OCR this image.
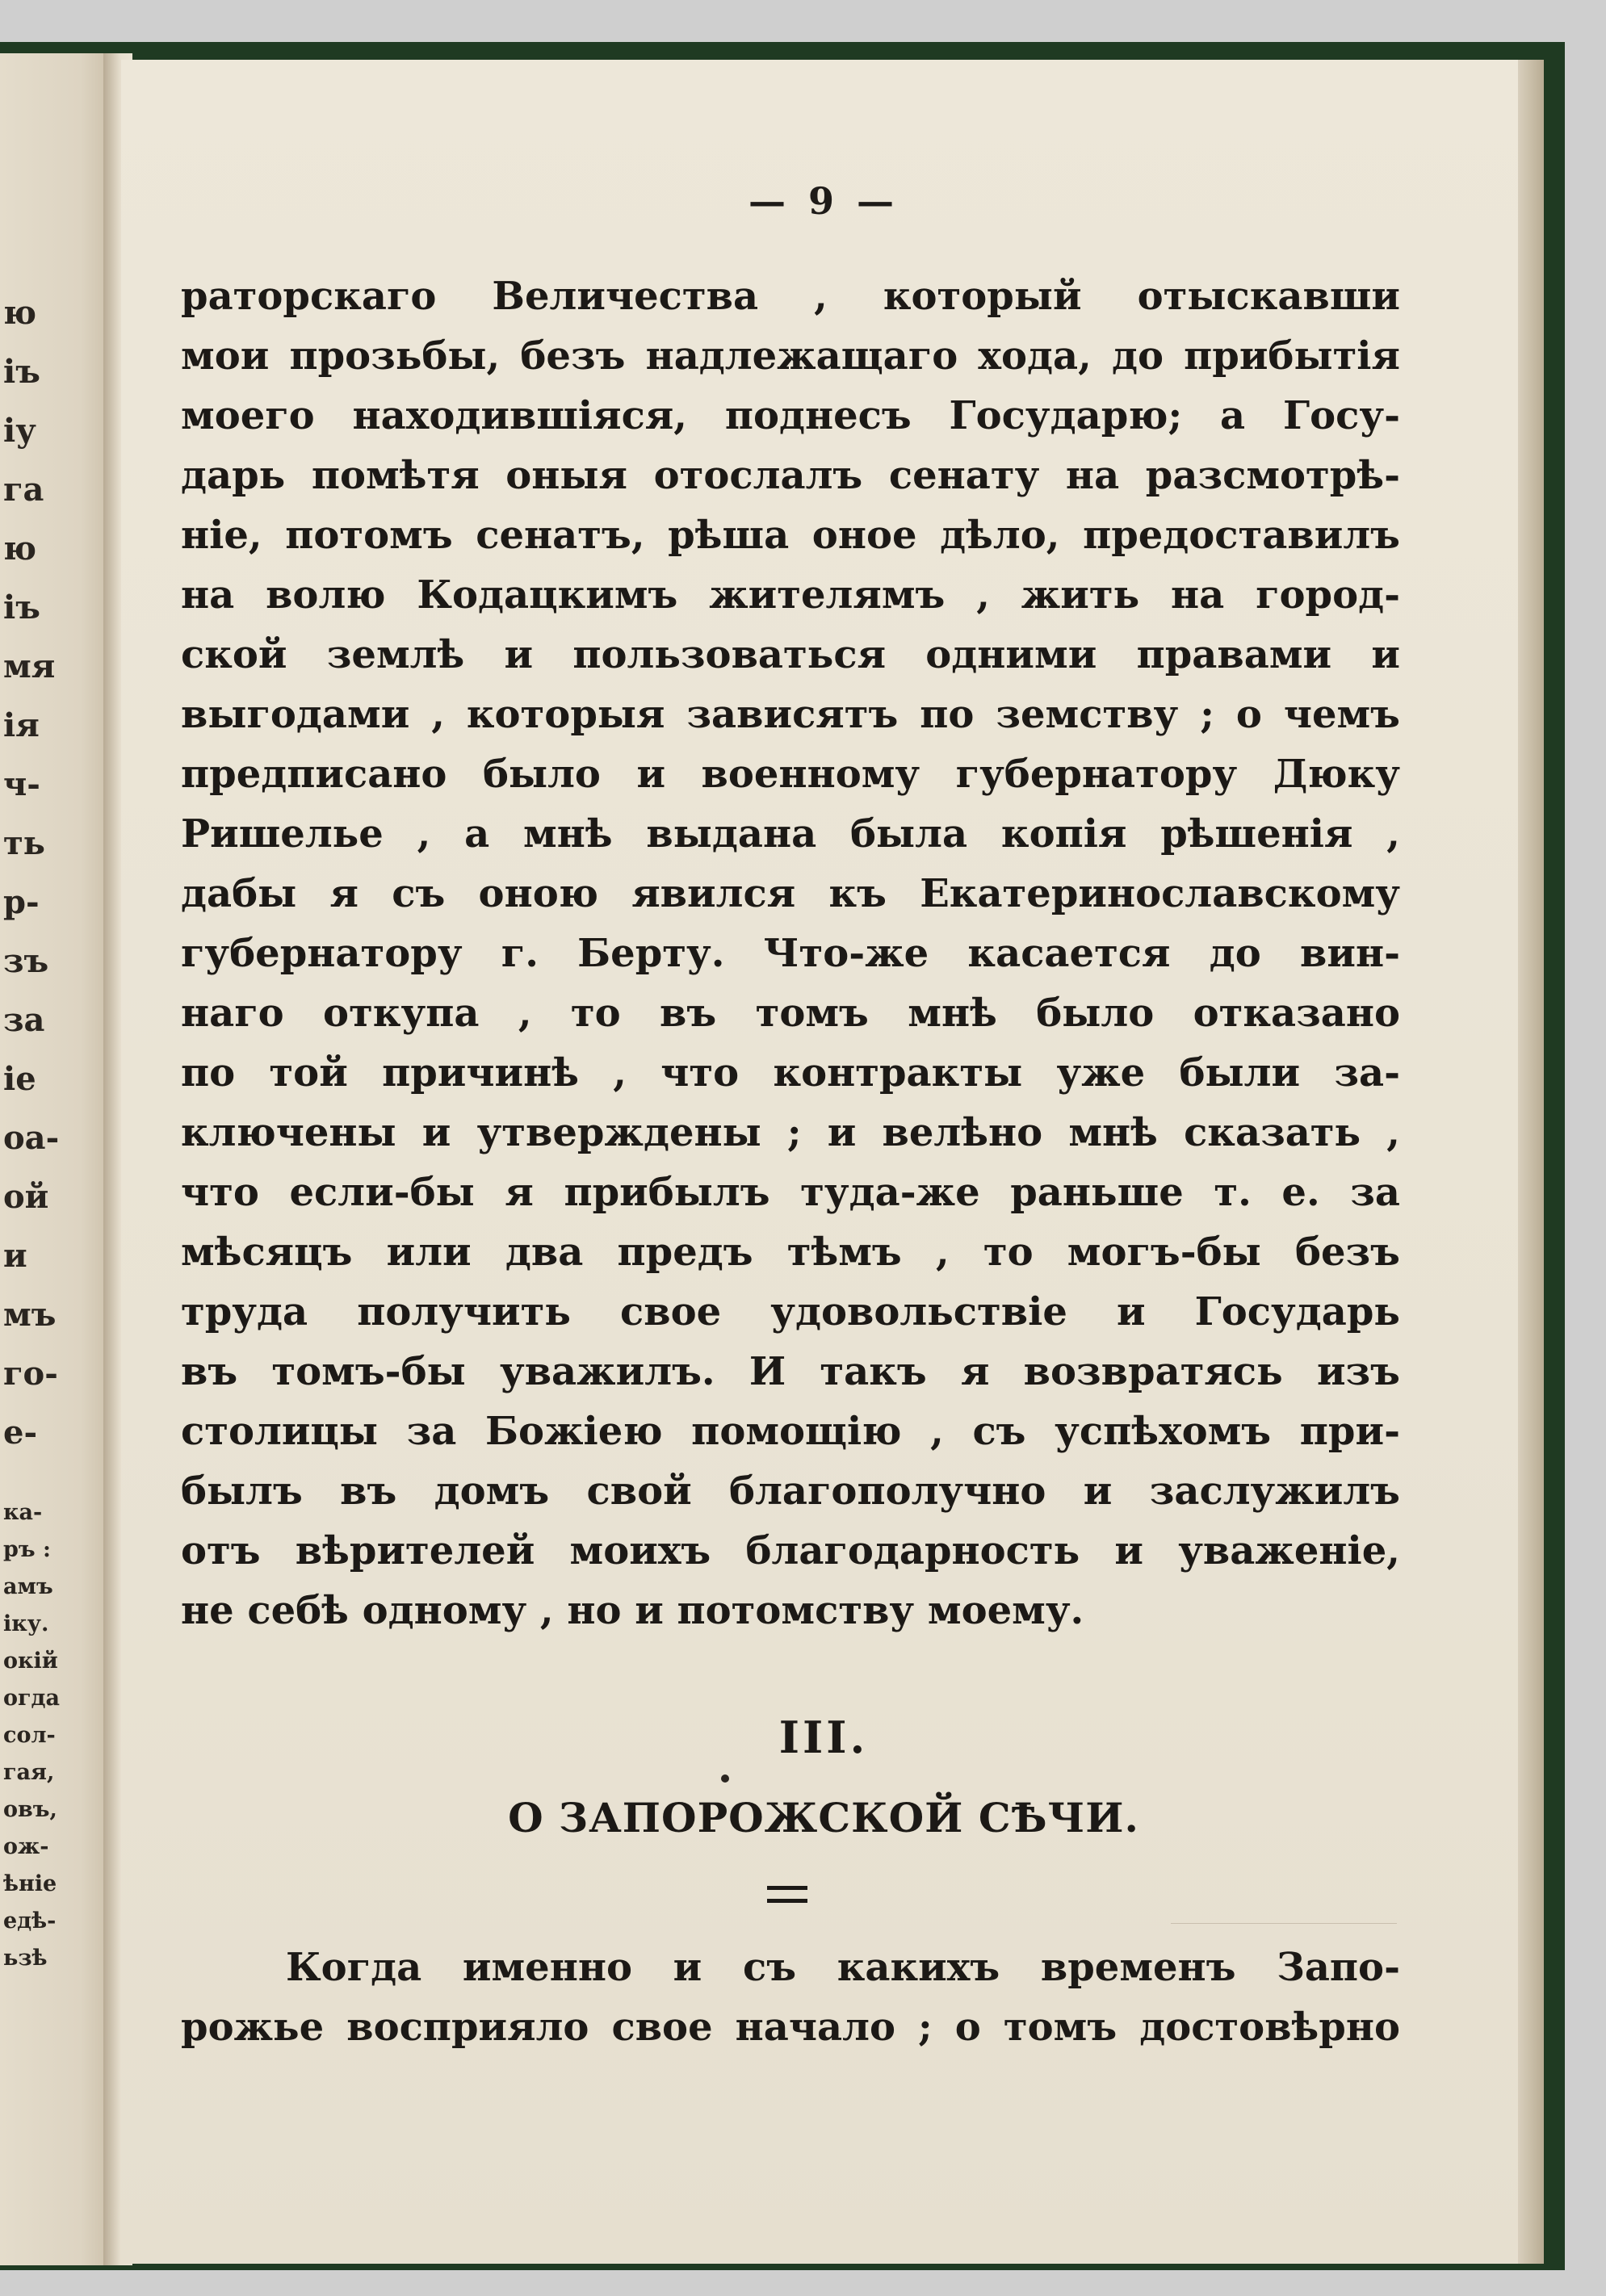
ю
іъ
іу
га
ю
іъ
мя
ія
ч-
ть
р-
зъ
за
іе
оа-
ой
и
мъ
го-
е-
ка-
ръ :
амъ
іку.
окій
огда
сол-
гая,
овъ,
ож-
ѣніе
едѣ-
ьзѣ
— 9 —
раторскаго Величества , который отыскавши
мои прозьбы, безъ надлежащаго хода, до прибытія
моего находившіяся, поднесъ Государю; а Госу-
дарь помѣтя оныя отослалъ сенату на разсмотрѣ-
ніе, потомъ сенатъ, рѣша оное дѣло, предоставилъ
на волю Кодацкимъ жителямъ , жить на город-
ской землѣ и пользоваться одними правами и
выгодами , которыя зависятъ по земству ; о чемъ
предписано было и военному губернатору Дюку
Ришелье , а мнѣ выдана была копія рѣшенія ,
дабы я съ оною явился къ Екатеринославскому
губернатору г. Берту. Что-же касается до вин-
наго откупа , то въ томъ мнѣ было отказано
по той причинѣ , что контракты уже были за-
ключены и утверждены ; и велѣно мнѣ сказать ,
что если-бы я прибылъ туда-же раньше т. е. за
мѣсяцъ или два предъ тѣмъ , то могъ-бы безъ
труда получить свое удовольствіе и Государь
въ томъ-бы уважилъ. И такъ я возвратясь изъ
столицы за Божіею помощію , съ успѣхомъ при-
былъ въ домъ свой благополучно и заслужилъ
отъ вѣрителей моихъ благодарность и уваженіе,
не себѣ одному , но и потомству моему.
III.
О ЗАПОРОЖСКОЙ СѢЧИ.
Когда именно и съ какихъ временъ Запо-
рожье восприяло свое начало ; о томъ достовѣрно
